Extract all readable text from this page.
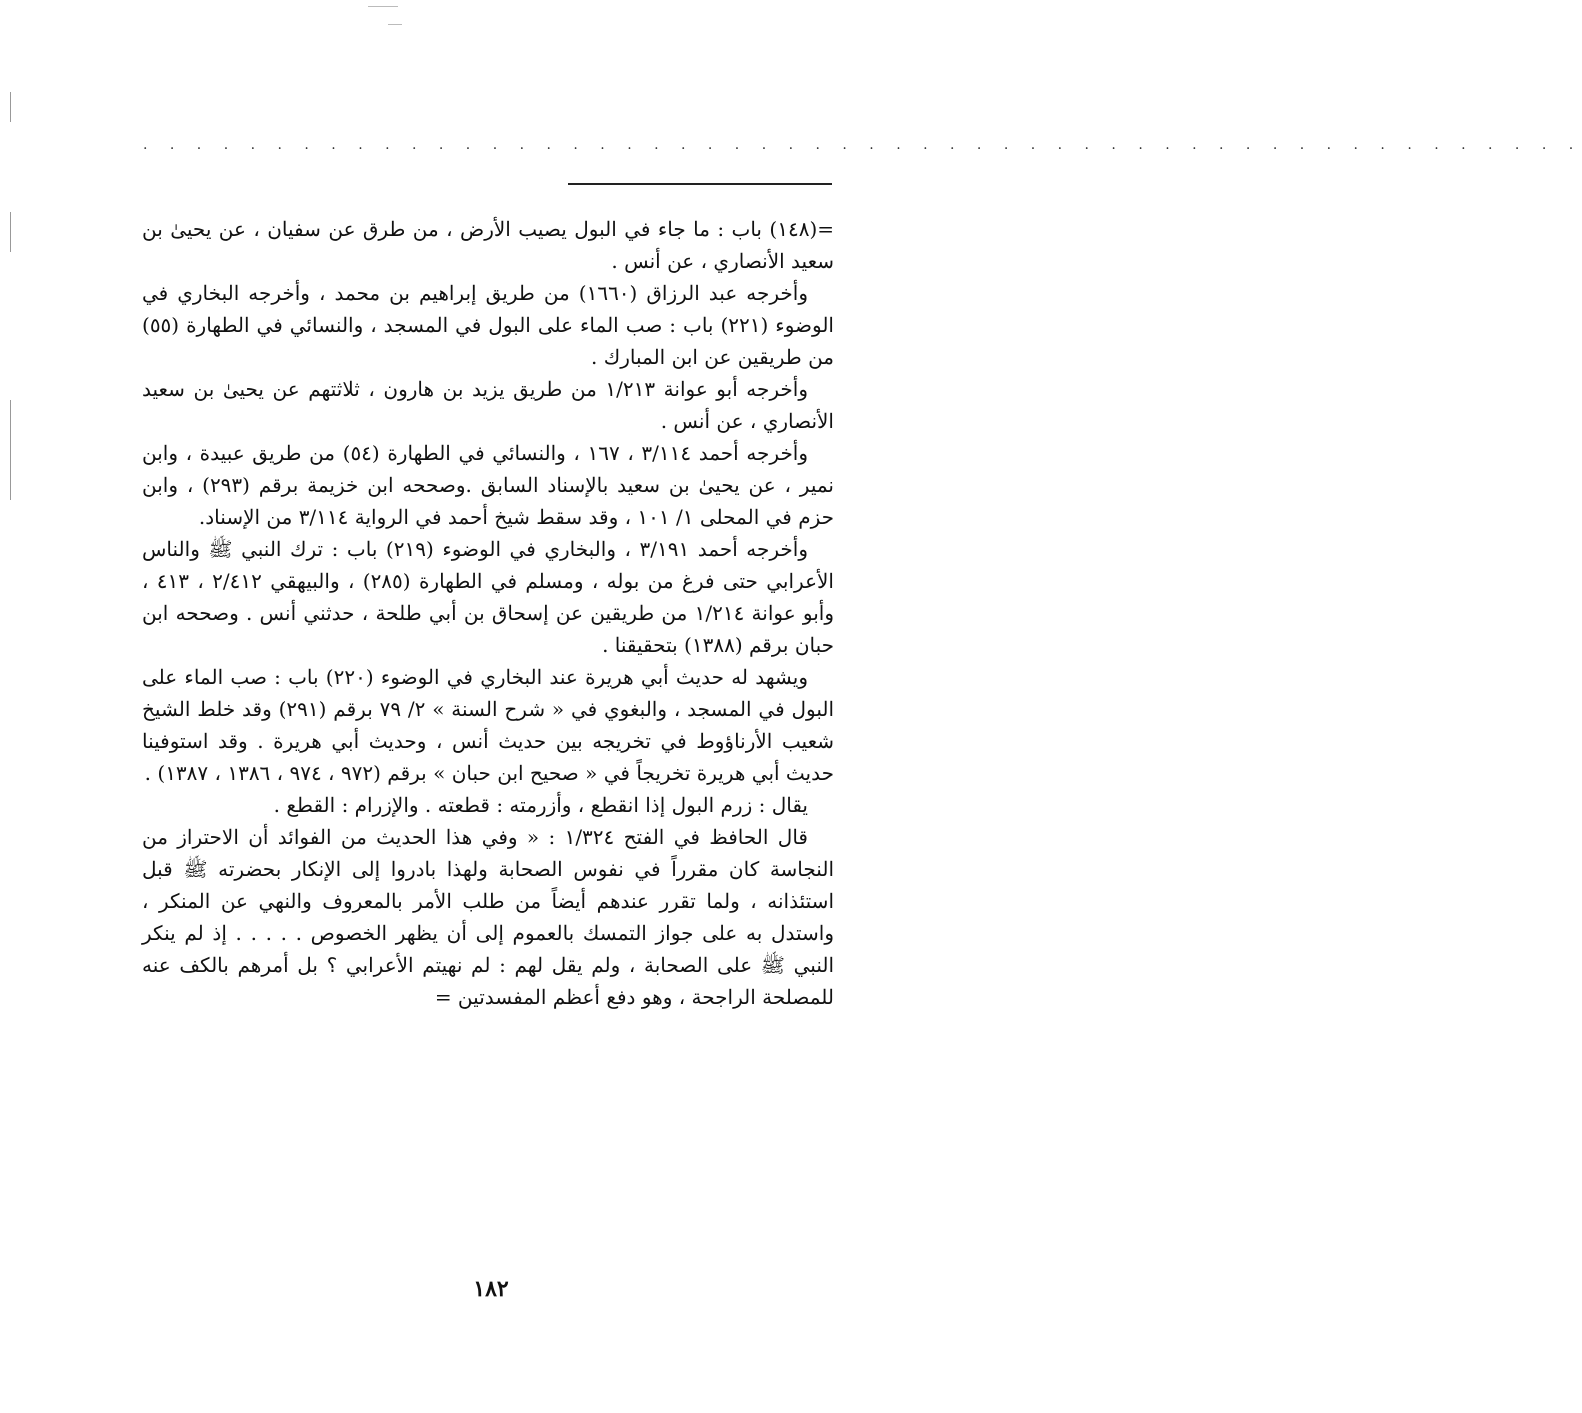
. . . . . . . . . . . . . . . . . . . . . . . . . . . . . . . . . . . . . . . . . . . . . . . . . . . . . .

=(١٤٨) باب : ما جاء في البول يصيب الأرض ، من طرق عن سفيان ، عن يحيىٰ بن سعيد الأنصاري ، عن أنس .

وأخرجه عبد الرزاق (١٦٦٠) من طريق إبراهيم بن محمد ، وأخرجه البخاري في الوضوء (٢٢١) باب : صب الماء على البول في المسجد ، والنسائي في الطهارة (٥٥) من طريقين عن ابن المبارك .

وأخرجه أبو عوانة ١/٢١٣ من طريق يزيد بن هارون ، ثلاثتهم عن يحيىٰ بن سعيد الأنصاري ، عن أنس .

وأخرجه أحمد ٣/١١٤ ، ١٦٧ ، والنسائي في الطهارة (٥٤) من طريق عبيدة ، وابن نمير ، عن يحيىٰ بن سعيد بالإسناد السابق .وصححه ابن خزيمة برقم (٢٩٣) ، وابن حزم في المحلى ١/ ١٠١ ، وقد سقط شيخ أحمد في الرواية ٣/١١٤ من الإسناد.

وأخرجه أحمد ٣/١٩١ ، والبخاري في الوضوء (٢١٩) باب : ترك النبي ﷺ والناس الأعرابي حتى فرغ من بوله ، ومسلم في الطهارة (٢٨٥) ، والبيهقي ٢/٤١٢ ، ٤١٣ ، وأبو عوانة ١/٢١٤ من طريقين عن إسحاق بن أبي طلحة ، حدثني أنس . وصححه ابن حبان برقم (١٣٨٨) بتحقيقنا .

ويشهد له حديث أبي هريرة عند البخاري في الوضوء (٢٢٠) باب : صب الماء على البول في المسجد ، والبغوي في « شرح السنة » ٢/ ٧٩ برقم (٢٩١) وقد خلط الشيخ شعيب الأرناؤوط في تخريجه بين حديث أنس ، وحديث أبي هريرة . وقد استوفينا حديث أبي هريرة تخريجاً في « صحيح ابن حبان » برقم (٩٧٢ ، ٩٧٤ ، ١٣٨٦ ، ١٣٨٧) .

يقال : زرم البول إذا انقطع ، وأزرمته : قطعته . والإزرام : القطع .

قال الحافظ في الفتح ١/٣٢٤ : « وفي هذا الحديث من الفوائد أن الاحتراز من النجاسة كان مقرراً في نفوس الصحابة ولهذا بادروا إلى الإنكار بحضرته ﷺ قبل استئذانه ، ولما تقرر عندهم أيضاً من طلب الأمر بالمعروف والنهي عن المنكر ، واستدل به على جواز التمسك بالعموم إلى أن يظهر الخصوص . . . . . إذ لم ينكر النبي ﷺ على الصحابة ، ولم يقل لهم : لم نهيتم الأعرابي ؟ بل أمرهم بالكف عنه للمصلحة الراجحة ، وهو دفع أعظم المفسدتين =

١٨٢
